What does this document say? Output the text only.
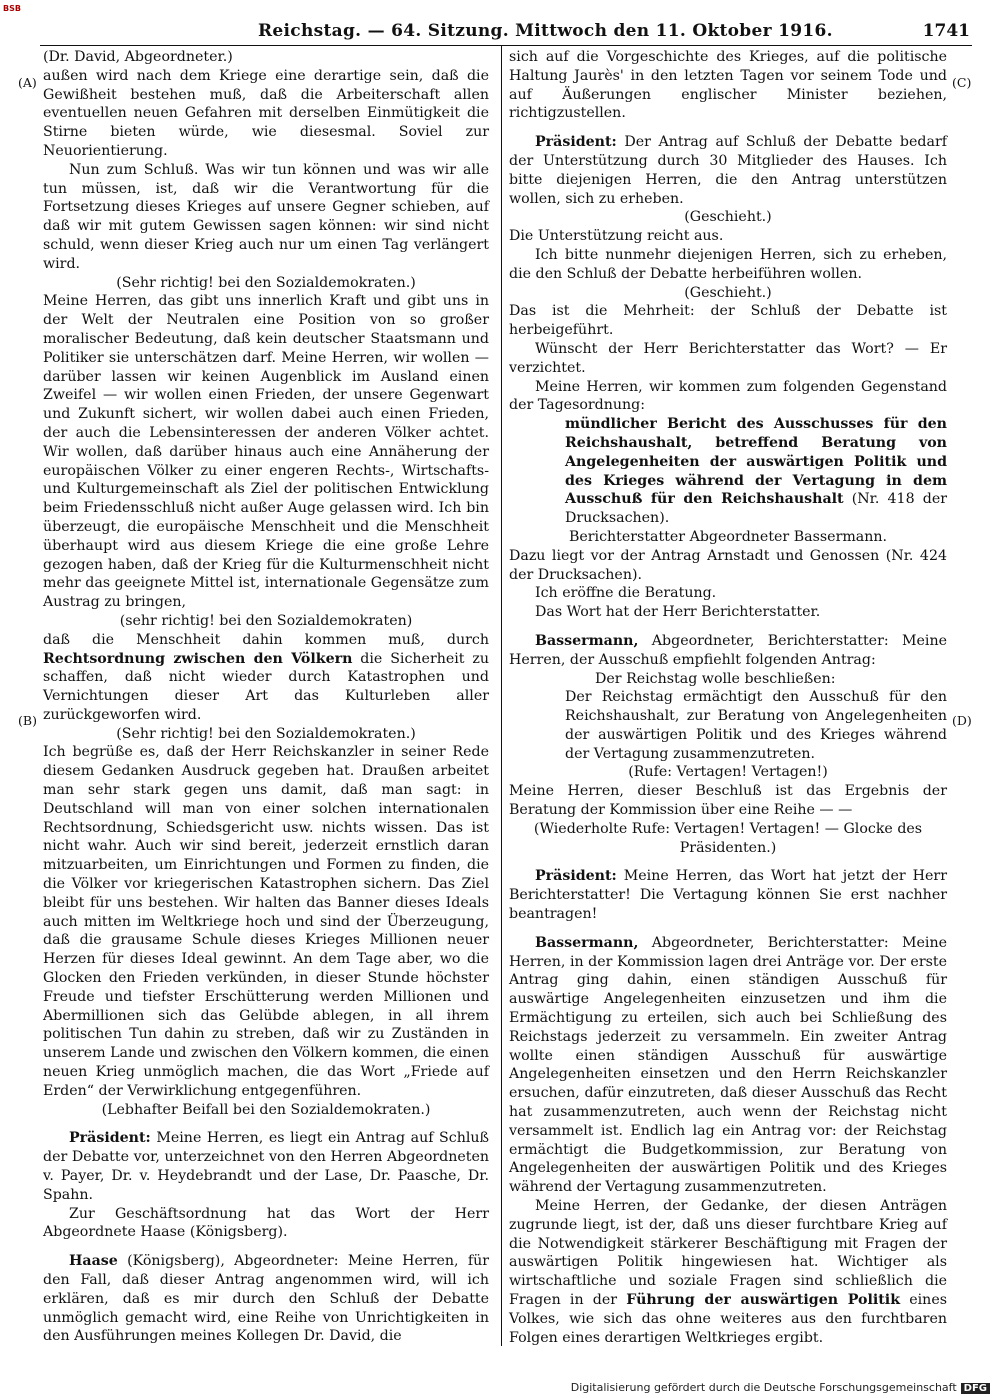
BSB
Reichstag. — 64. Sitzung. Mittwoch den 11. Oktober 1916.	1741
(A)
(B)
(C)
(D)

(Dr. David, Abgeordneter.)

außen wird nach dem Kriege eine derartige sein, daß die Gewißheit bestehen muß, daß die Arbeiterschaft allen eventuellen neuen Gefahren mit derselben Einmütigkeit die Stirne bieten würde, wie diesesmal. Soviel zur Neuorientierung.

Nun zum Schluß. Was wir tun können und was wir alle tun müssen, ist, daß wir die Verantwortung für die Fortsetzung dieses Krieges auf unsere Gegner schieben, auf daß wir mit gutem Gewissen sagen können: wir sind nicht schuld, wenn dieser Krieg auch nur um einen Tag verlängert wird.

(Sehr richtig! bei den Sozialdemokraten.)

Meine Herren, das gibt uns innerlich Kraft und gibt uns in der Welt der Neutralen eine Position von so großer moralischer Bedeutung, daß kein deutscher Staatsmann und Politiker sie unterschätzen darf. Meine Herren, wir wollen — darüber lassen wir keinen Augenblick im Ausland einen Zweifel — wir wollen einen Frieden, der unsere Gegenwart und Zukunft sichert, wir wollen dabei auch einen Frieden, der auch die Lebensinteressen der anderen Völker achtet. Wir wollen, daß darüber hinaus auch eine Annäherung der europäischen Völker zu einer engeren Rechts-, Wirtschafts- und Kulturgemeinschaft als Ziel der politischen Entwicklung beim Friedensschluß nicht außer Auge gelassen wird. Ich bin überzeugt, die europäische Menschheit und die Menschheit überhaupt wird aus diesem Kriege die eine große Lehre gezogen haben, daß der Krieg für die Kulturmenschheit nicht mehr das geeignete Mittel ist, internationale Gegensätze zum Austrag zu bringen,

(sehr richtig! bei den Sozialdemokraten)

daß die Menschheit dahin kommen muß, durch Rechtsordnung zwischen den Völkern die Sicherheit zu schaffen, daß nicht wieder durch Katastrophen und Vernichtungen dieser Art das Kulturleben aller zurückgeworfen wird.

(Sehr richtig! bei den Sozialdemokraten.)

Ich begrüße es, daß der Herr Reichskanzler in seiner Rede diesem Gedanken Ausdruck gegeben hat. Draußen arbeitet man sehr stark gegen uns damit, daß man sagt: in Deutschland will man von einer solchen internationalen Rechtsordnung, Schiedsgericht usw. nichts wissen. Das ist nicht wahr. Auch wir sind bereit, jederzeit ernstlich daran mitzuarbeiten, um Einrichtungen und Formen zu finden, die die Völker vor kriegerischen Katastrophen sichern. Das Ziel bleibt für uns bestehen. Wir halten das Banner dieses Ideals auch mitten im Weltkriege hoch und sind der Überzeugung, daß die grausame Schule dieses Krieges Millionen neuer Herzen für dieses Ideal gewinnt. An dem Tage aber, wo die Glocken den Frieden verkünden, in dieser Stunde höchster Freude und tiefster Erschütterung werden Millionen und Abermillionen sich das Gelübde ablegen, in all ihrem politischen Tun dahin zu streben, daß wir zu Zuständen in unserem Lande und zwischen den Völkern kommen, die einen neuen Krieg unmöglich machen, die das Wort „Friede auf Erden“ der Verwirklichung entgegenführen.

(Lebhafter Beifall bei den Sozialdemokraten.)

Präsident: Meine Herren, es liegt ein Antrag auf Schluß der Debatte vor, unterzeichnet von den Herren Abgeordneten v. Payer, Dr. v. Heydebrandt und der Lase, Dr. Paasche, Dr. Spahn.

Zur Geschäftsordnung hat das Wort der Herr Abgeordnete Haase (Königsberg).

Haase (Königsberg), Abgeordneter: Meine Herren, für den Fall, daß dieser Antrag angenommen wird, will ich erklären, daß es mir durch den Schluß der Debatte unmöglich gemacht wird, eine Reihe von Unrichtigkeiten in den Ausführungen meines Kollegen Dr. David, die

sich auf die Vorgeschichte des Krieges, auf die politische Haltung Jaurès' in den letzten Tagen vor seinem Tode und auf Äußerungen englischer Minister beziehen, richtigzustellen.

Präsident: Der Antrag auf Schluß der Debatte bedarf der Unterstützung durch 30 Mitglieder des Hauses. Ich bitte diejenigen Herren, die den Antrag unterstützen wollen, sich zu erheben.

(Geschieht.)

Die Unterstützung reicht aus.

Ich bitte nunmehr diejenigen Herren, sich zu erheben, die den Schluß der Debatte herbeiführen wollen.

(Geschieht.)

Das ist die Mehrheit: der Schluß der Debatte ist herbeigeführt.

Wünscht der Herr Berichterstatter das Wort? — Er verzichtet.

Meine Herren, wir kommen zum folgenden Gegenstand der Tagesordnung:

mündlicher Bericht des Ausschusses für den Reichshaushalt, betreffend Beratung von Angelegenheiten der auswärtigen Politik und des Krieges während der Vertagung in dem Ausschuß für den Reichshaushalt (Nr. 418 der Drucksachen).

Berichterstatter Abgeordneter Bassermann.

Dazu liegt vor der Antrag Arnstadt und Genossen (Nr. 424 der Drucksachen).

Ich eröffne die Beratung.

Das Wort hat der Herr Berichterstatter.

Bassermann, Abgeordneter, Berichterstatter: Meine Herren, der Ausschuß empfiehlt folgenden Antrag:

Der Reichstag wolle beschließen:

Der Reichstag ermächtigt den Ausschuß für den Reichshaushalt, zur Beratung von Angelegenheiten der auswärtigen Politik und des Krieges während der Vertagung zusammenzutreten.

(Rufe: Vertagen! Vertagen!)

Meine Herren, dieser Beschluß ist das Ergebnis der Beratung der Kommission über eine Reihe — —

(Wiederholte Rufe: Vertagen! Vertagen! — Glocke des Präsidenten.)

Präsident: Meine Herren, das Wort hat jetzt der Herr Berichterstatter! Die Vertagung können Sie erst nachher beantragen!

Bassermann, Abgeordneter, Berichterstatter: Meine Herren, in der Kommission lagen drei Anträge vor. Der erste Antrag ging dahin, einen ständigen Ausschuß für auswärtige Angelegenheiten einzusetzen und ihm die Ermächtigung zu erteilen, sich auch bei Schließung des Reichstags jederzeit zu versammeln. Ein zweiter Antrag wollte einen ständigen Ausschuß für auswärtige Angelegenheiten einsetzen und den Herrn Reichskanzler ersuchen, dafür einzutreten, daß dieser Ausschuß das Recht hat zusammenzutreten, auch wenn der Reichstag nicht versammelt ist. Endlich lag ein Antrag vor: der Reichstag ermächtigt die Budgetkommission, zur Beratung von Angelegenheiten der auswärtigen Politik und des Krieges während der Vertagung zusammenzutreten.

Meine Herren, der Gedanke, der diesen Anträgen zugrunde liegt, ist der, daß uns dieser furchtbare Krieg auf die Notwendigkeit stärkerer Beschäftigung mit Fragen der auswärtigen Politik hingewiesen hat. Wichtiger als wirtschaftliche und soziale Fragen sind schließlich die Fragen in der Führung der auswärtigen Politik eines Volkes, wie sich das ohne weiteres aus den furchtbaren Folgen eines derartigen Weltkrieges ergibt.

Digitalisierung gefördert durch die Deutsche Forschungsgemeinschaft DFG
